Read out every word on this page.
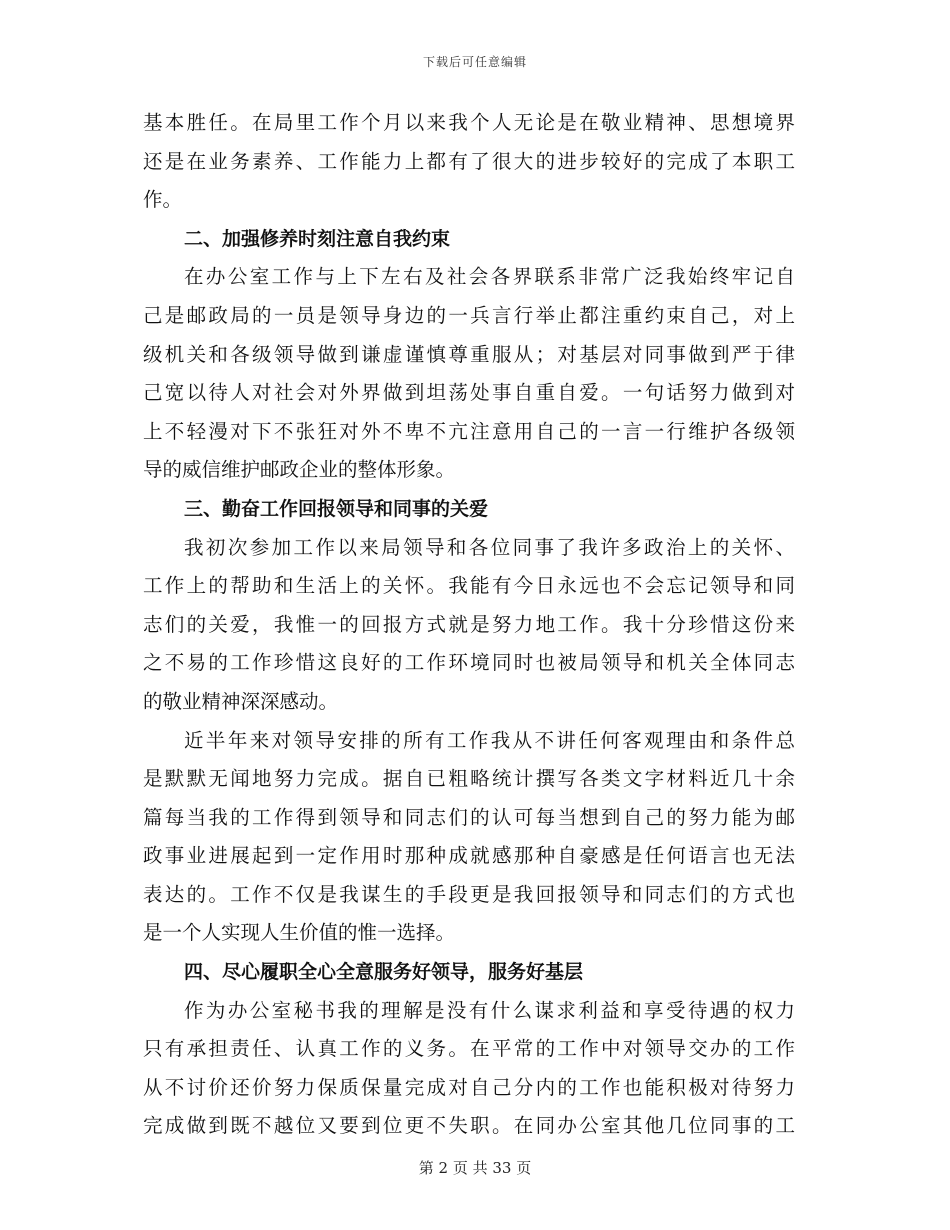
下载后可任意编辑
基本胜任。在局里工作个月以来我个人无论是在敬业精神、思想境界
还是在业务素养、工作能力上都有了很大的进步较好的完成了本职工
作。
二、加强修养时刻注意自我约束
在办公室工作与上下左右及社会各界联系非常广泛我始终牢记自
己是邮政局的一员是领导身边的一兵言行举止都注重约束自己，对上
级机关和各级领导做到谦虚谨慎尊重服从；对基层对同事做到严于律
己宽以待人对社会对外界做到坦荡处事自重自爱。一句话努力做到对
上不轻漫对下不张狂对外不卑不亢注意用自己的一言一行维护各级领
导的威信维护邮政企业的整体形象。
三、勤奋工作回报领导和同事的关爱
我初次参加工作以来局领导和各位同事了我许多政治上的关怀、
工作上的帮助和生活上的关怀。我能有今日永远也不会忘记领导和同
志们的关爱，我惟一的回报方式就是努力地工作。我十分珍惜这份来
之不易的工作珍惜这良好的工作环境同时也被局领导和机关全体同志
的敬业精神深深感动。
近半年来对领导安排的所有工作我从不讲任何客观理由和条件总
是默默无闻地努力完成。据自已粗略统计撰写各类文字材料近几十余
篇每当我的工作得到领导和同志们的认可每当想到自己的努力能为邮
政事业进展起到一定作用时那种成就感那种自豪感是任何语言也无法
表达的。工作不仅是我谋生的手段更是我回报领导和同志们的方式也
是一个人实现人生价值的惟一选择。
四、尽心履职全心全意服务好领导，服务好基层
作为办公室秘书我的理解是没有什么谋求利益和享受待遇的权力
只有承担责任、认真工作的义务。在平常的工作中对领导交办的工作
从不讨价还价努力保质保量完成对自己分内的工作也能积极对待努力
完成做到既不越位又要到位更不失职。在同办公室其他几位同事的工
第 2 页 共 33 页
